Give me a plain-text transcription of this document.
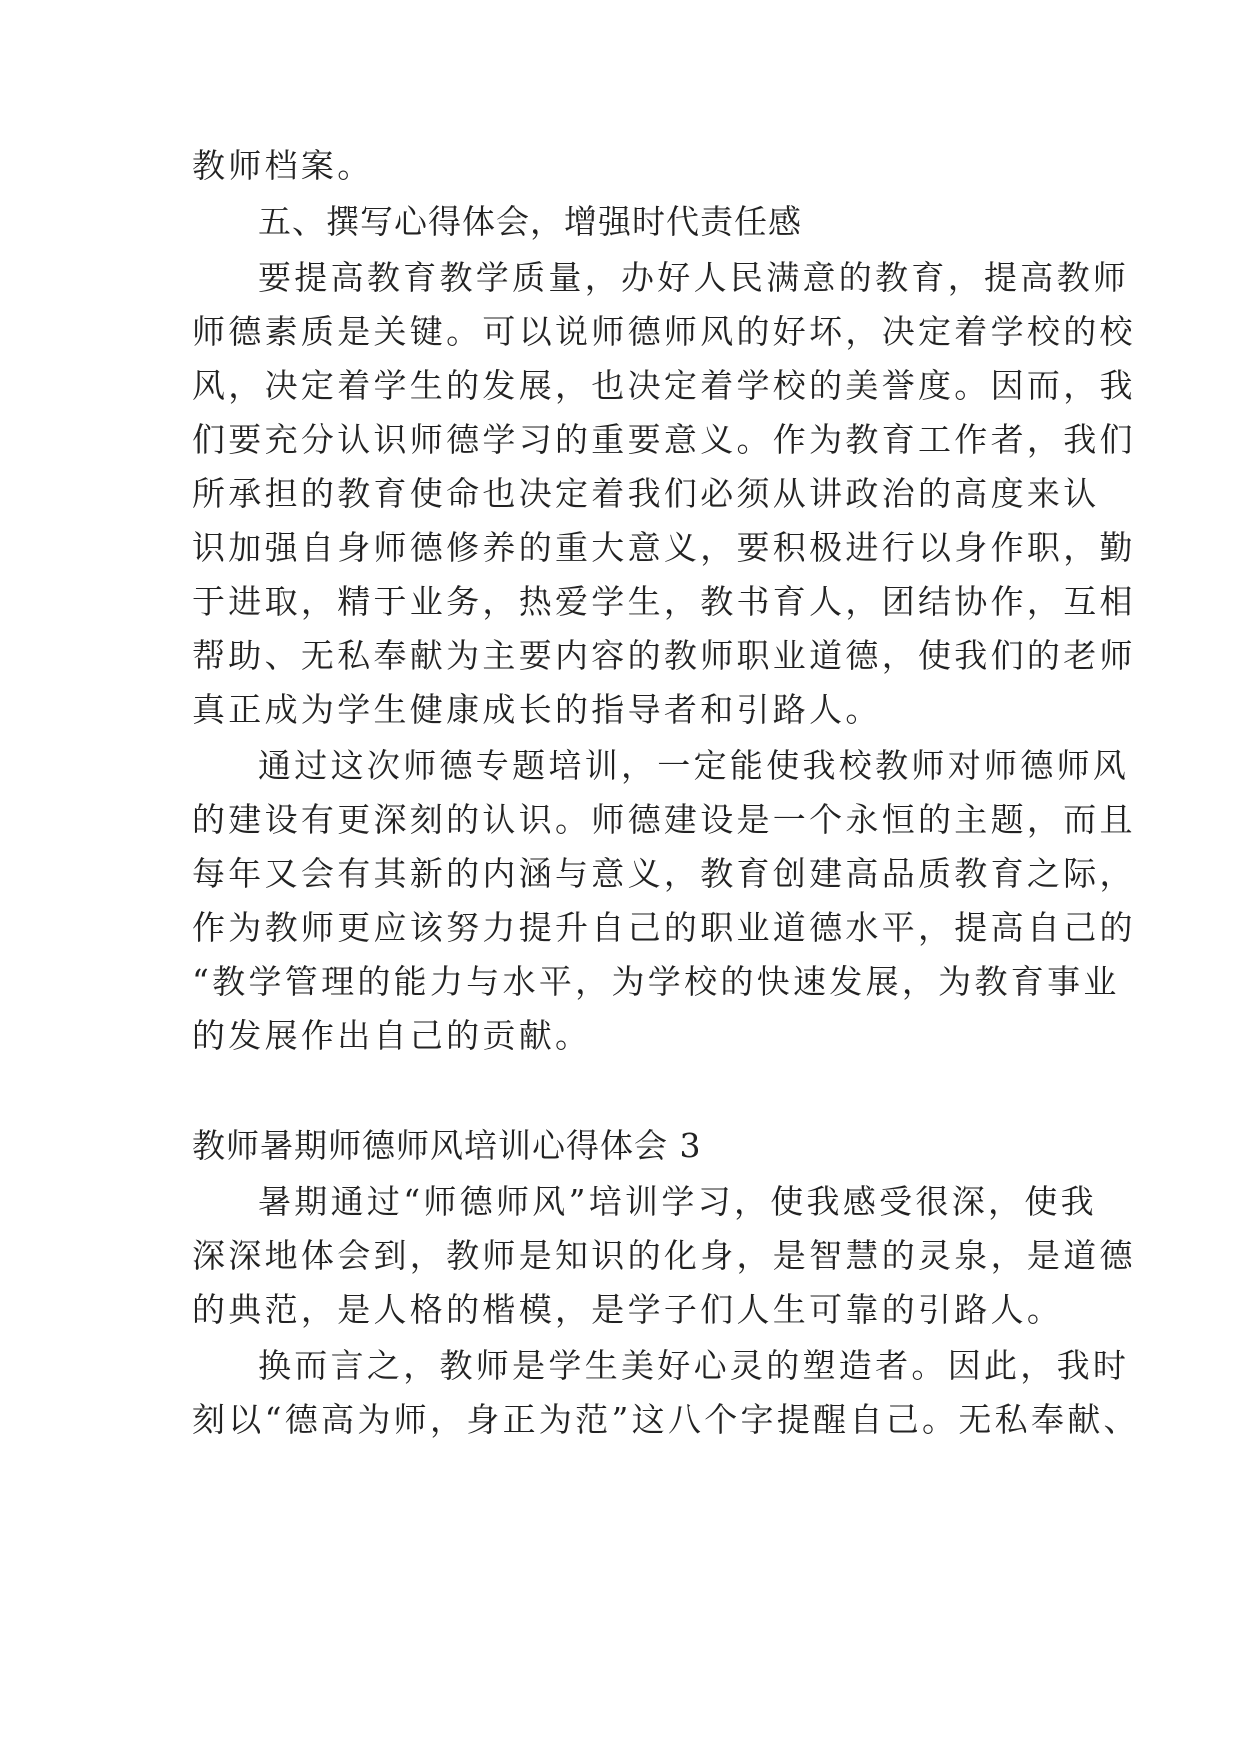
教师档案。
五、撰写心得体会，增强时代责任感
要提高教育教学质量，办好人民满意的教育，提高教师
师德素质是关键。可以说师德师风的好坏，决定着学校的校
风，决定着学生的发展，也决定着学校的美誉度。因而，我
们要充分认识师德学习的重要意义。作为教育工作者，我们
所承担的教育使命也决定着我们必须从讲政治的高度来认
识加强自身师德修养的重大意义，要积极进行以身作职，勤
于进取，精于业务，热爱学生，教书育人，团结协作，互相
帮助、无私奉献为主要内容的教师职业道德，使我们的老师
真正成为学生健康成长的指导者和引路人。
通过这次师德专题培训，一定能使我校教师对师德师风
的建设有更深刻的认识。师德建设是一个永恒的主题，而且
每年又会有其新的内涵与意义，教育创建高品质教育之际，
作为教师更应该努力提升自己的职业道德水平，提高自己的
“教学管理的能力与水平，为学校的快速发展，为教育事业
的发展作出自己的贡献。
教师暑期师德师风培训心得体会 3
暑期通过“师德师风”培训学习，使我感受很深，使我
深深地体会到，教师是知识的化身，是智慧的灵泉，是道德
的典范，是人格的楷模，是学子们人生可靠的引路人。
换而言之，教师是学生美好心灵的塑造者。因此，我时
刻以“德高为师，身正为范”这八个字提醒自己。无私奉献、
